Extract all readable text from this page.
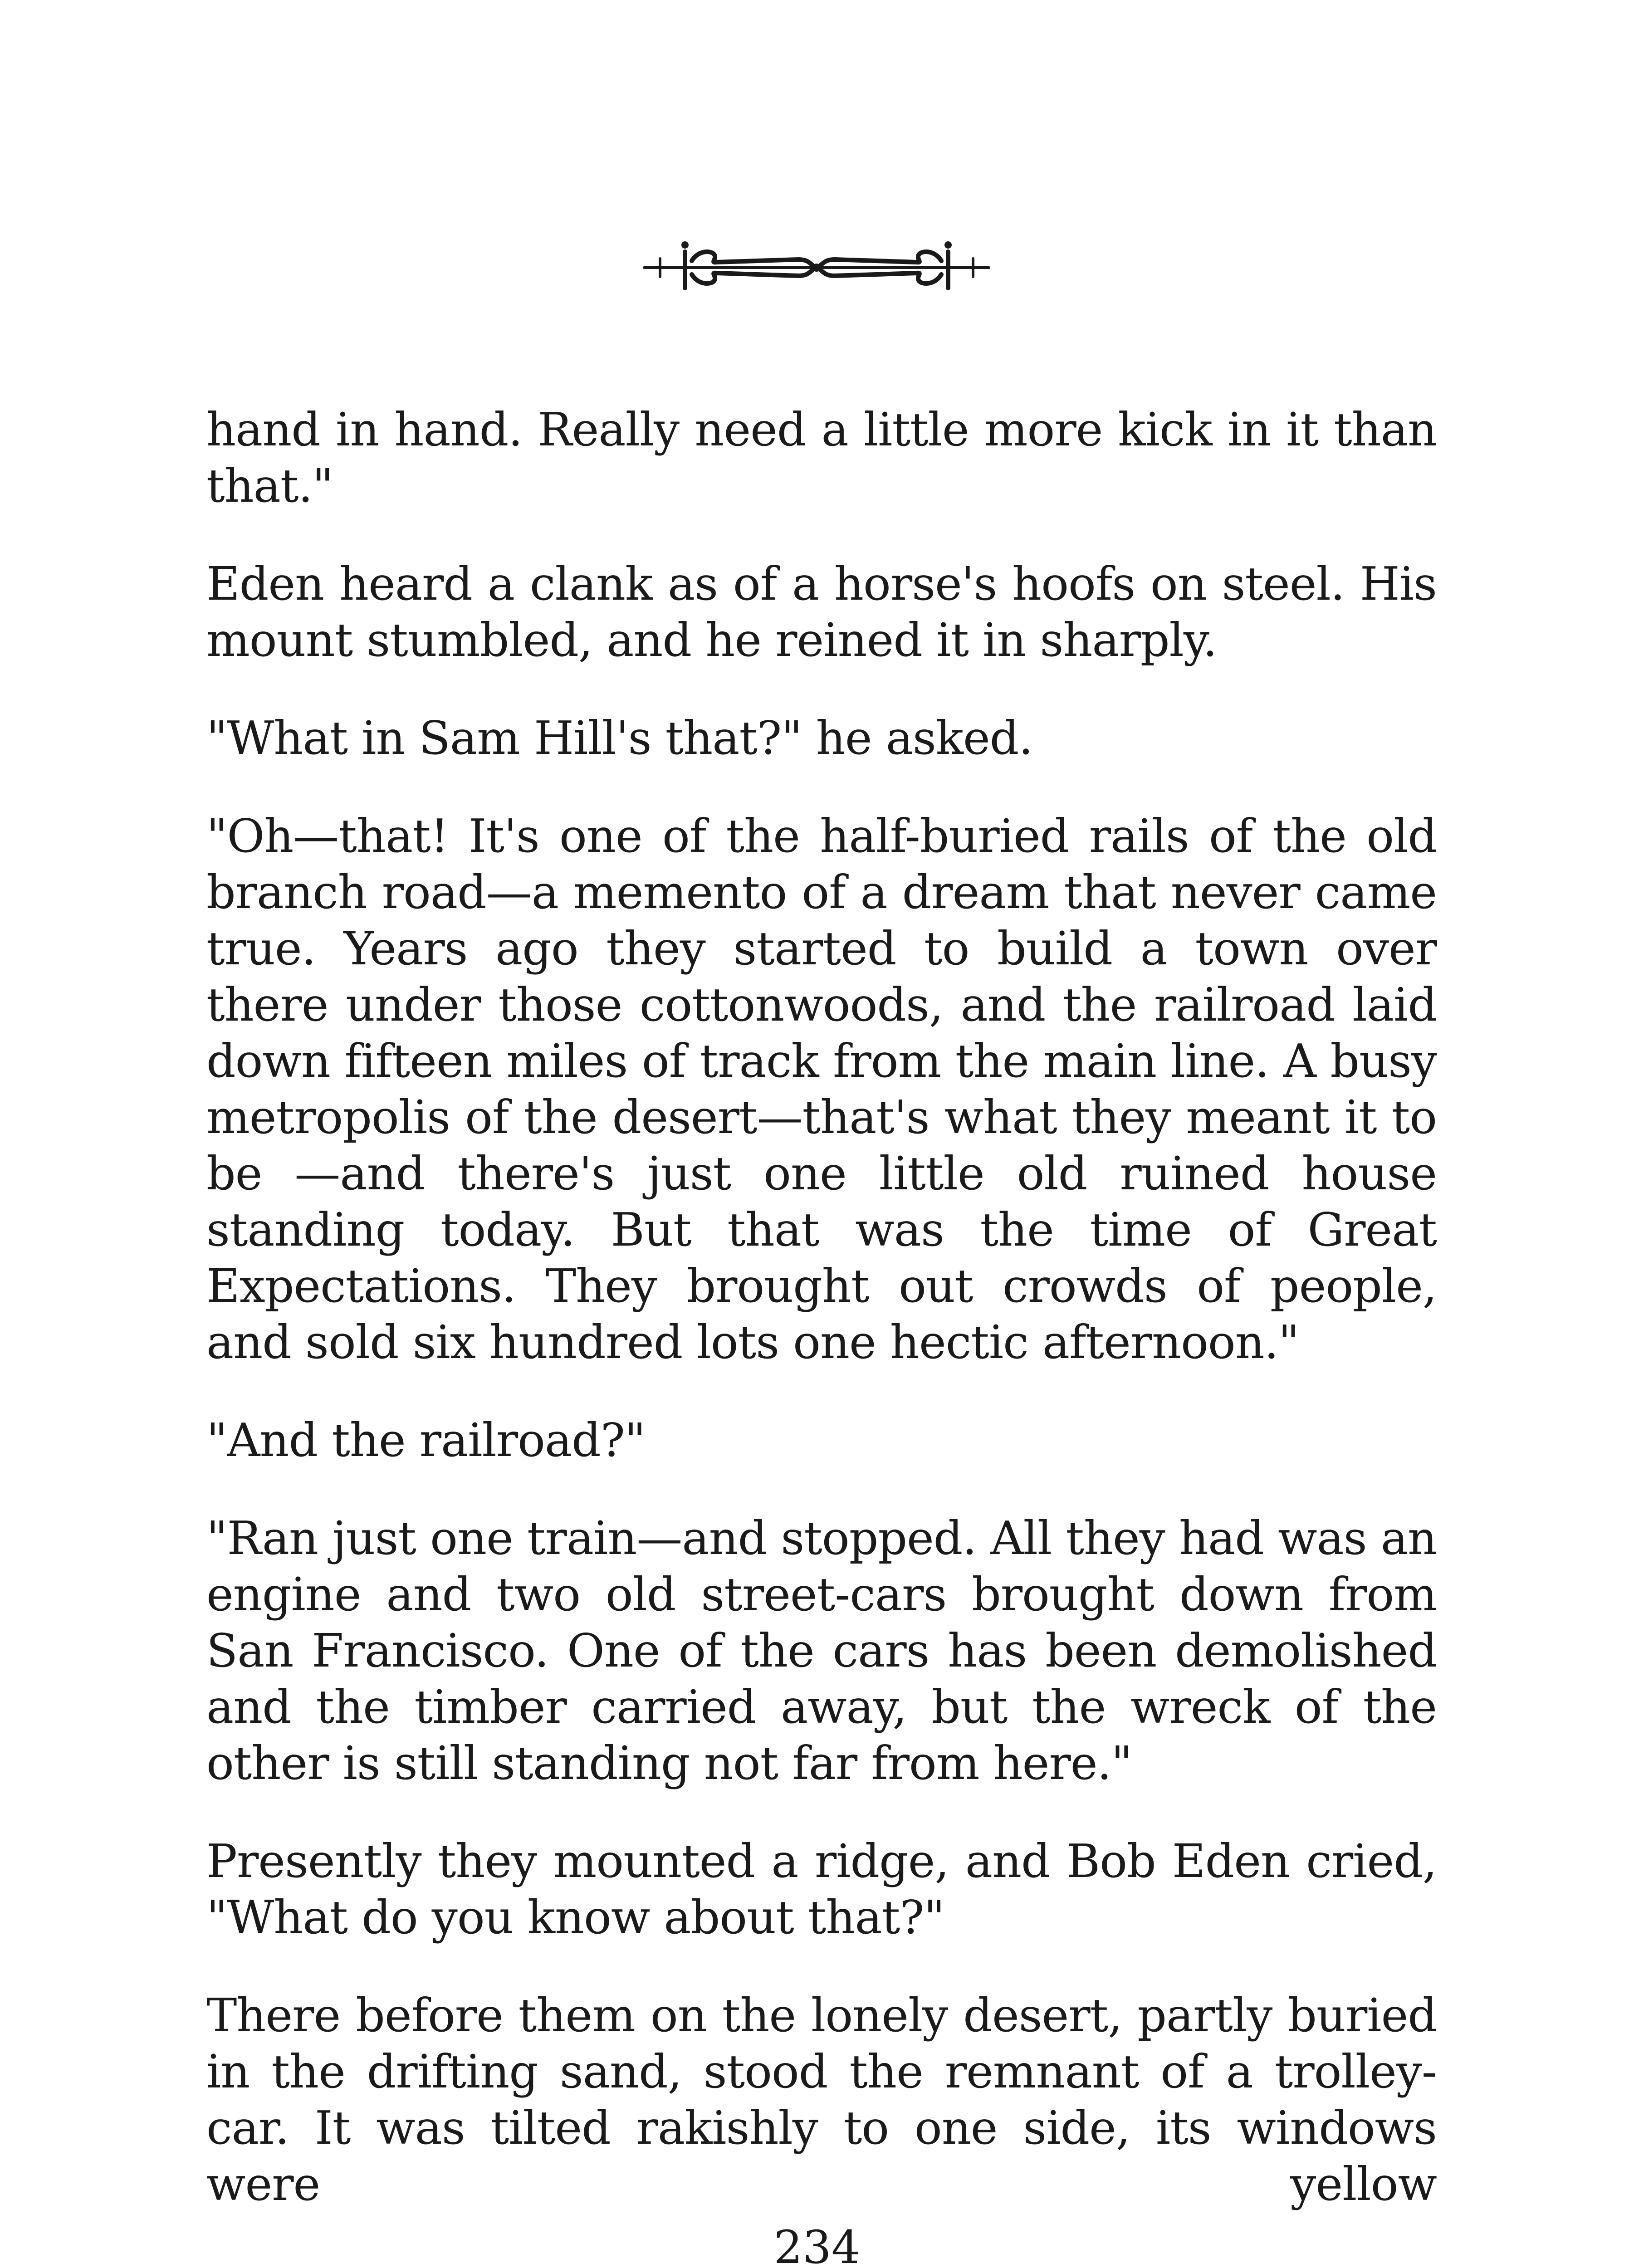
hand in hand. Really need a little more kick in it than that."

Eden heard a clank as of a horse's hoofs on steel. His mount stumbled, and he reined it in sharply.

"What in Sam Hill's that?" he asked.

"Oh—that! It's one of the half-buried rails of the old branch road—a memento of a dream that never came true. Years ago they started to build a town over there under those cottonwoods, and the railroad laid down fifteen miles of track from the main line. A busy metropolis of the desert—that's what they meant it to be —and there's just one little old ruined house standing today. But that was the time of Great Expectations. They brought out crowds of people, and sold six hundred lots one hectic afternoon."

"And the railroad?"

"Ran just one train—and stopped. All they had was an engine and two old street-cars brought down from San Francisco. One of the cars has been demolished and the timber carried away, but the wreck of the other is still standing not far from here."

Presently they mounted a ridge, and Bob Eden cried, "What do you know about that?"

There before them on the lonely desert, partly buried in the drifting sand, stood the remnant of a trolley-car. It was tilted rakishly to one side, its windows were yellow

234
